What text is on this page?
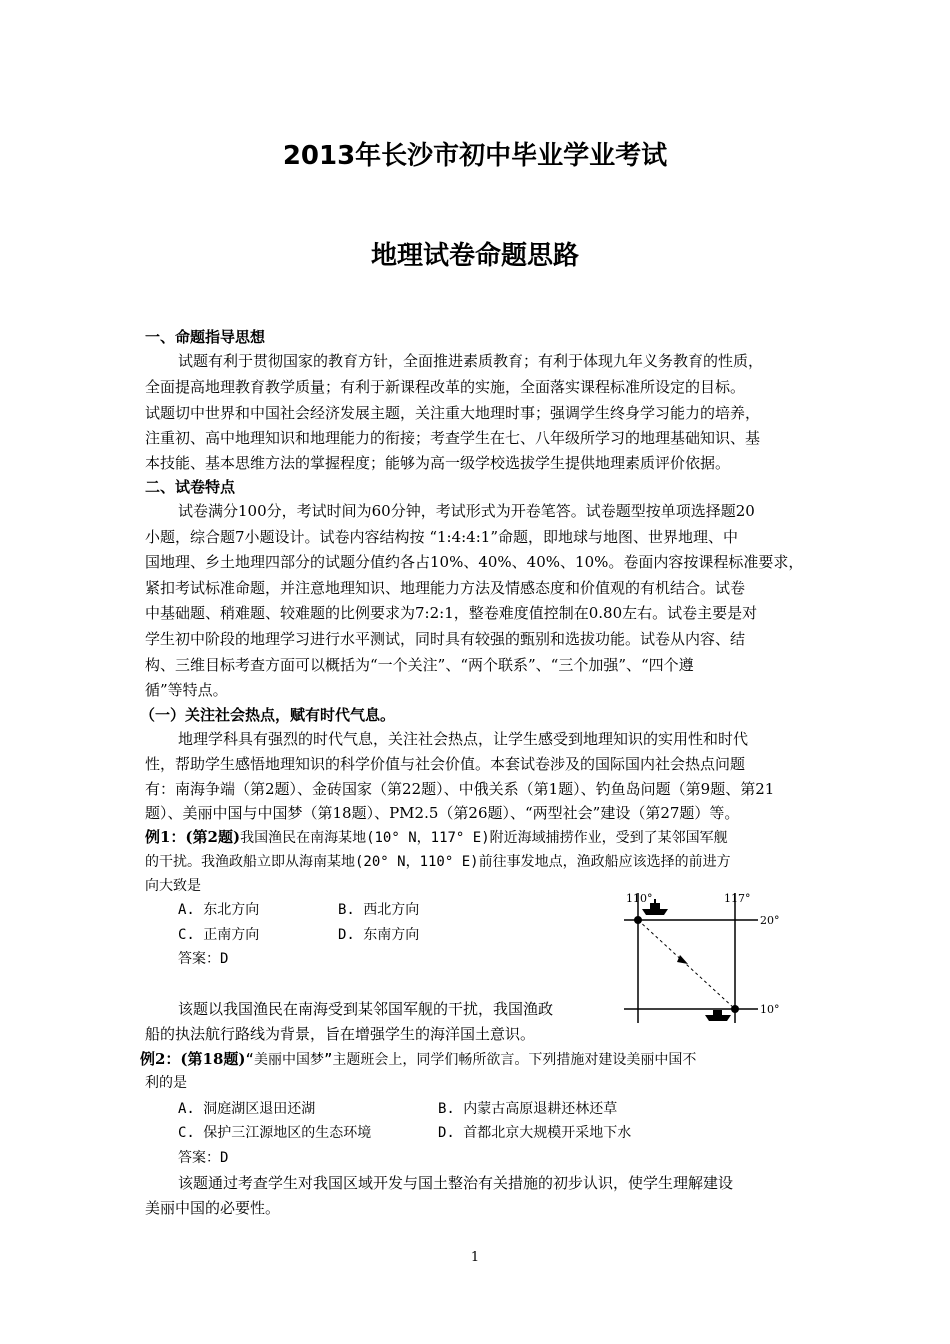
2013年长沙市初中毕业学业考试
地理试卷命题思路
一、命题指导思想
试题有利于贯彻国家的教育方针，全面推进素质教育；有利于体现九年义务教育的性质，
全面提高地理教育教学质量；有利于新课程改革的实施，全面落实课程标准所设定的目标。
试题切中世界和中国社会经济发展主题，关注重大地理时事；强调学生终身学习能力的培养，
注重初、高中地理知识和地理能力的衔接；考查学生在七、八年级所学习的地理基础知识、基
本技能、基本思维方法的掌握程度；能够为高一级学校选拔学生提供地理素质评价依据。
二、试卷特点
试卷满分100分，考试时间为60分钟，考试形式为开卷笔答。试卷题型按单项选择题20
小题，综合题7小题设计。试卷内容结构按 “1:4:4:1”命题，即地球与地图、世界地理、中
国地理、乡土地理四部分的试题分值约各占10%、40%、40%、10%。卷面内容按课程标准要求，
紧扣考试标准命题，并注意地理知识、地理能力方法及情感态度和价值观的有机结合。试卷
中基础题、稍难题、较难题的比例要求为7:2:1，整卷难度值控制在0.80左右。试卷主要是对
学生初中阶段的地理学习进行水平测试，同时具有较强的甄别和选拔功能。试卷从内容、结
构、三维目标考查方面可以概括为“一个关注”、“两个联系”、“三个加强”、“四个遵
循”等特点。
（一）关注社会热点，赋有时代气息。
地理学科具有强烈的时代气息，关注社会热点，让学生感受到地理知识的实用性和时代
性，帮助学生感悟地理知识的科学价值与社会价值。本套试卷涉及的国际国内社会热点问题
有：南海争端（第2题）、金砖国家（第22题）、中俄关系（第1题）、钓鱼岛问题（第9题、第21
题）、美丽中国与中国梦（第18题）、PM2.5（第26题）、“两型社会”建设（第27题）等。
例1：(第2题)我国渔民在南海某地(10° N，117° E)附近海域捕捞作业，受到了某邻国军舰
的干扰。我渔政船立即从海南某地(20° N，110° E)前往事发地点，渔政船应该选择的前进方
向大致是
A. 东北方向	B. 西北方向
C. 正南方向	D. 东南方向
答案：D
该题以我国渔民在南海受到某邻国军舰的干扰，我国渔政
船的执法航行路线为背景，旨在增强学生的海洋国土意识。
110°	117°
20°
10°
例2：(第18题)“美丽中国梦”主题班会上，同学们畅所欲言。下列措施对建设美丽中国不
利的是
A. 洞庭湖区退田还湖	B. 内蒙古高原退耕还林还草
C. 保护三江源地区的生态环境	D. 首都北京大规模开采地下水
答案：D
该题通过考查学生对我国区域开发与国土整治有关措施的初步认识，使学生理解建设
美丽中国的必要性。
1
